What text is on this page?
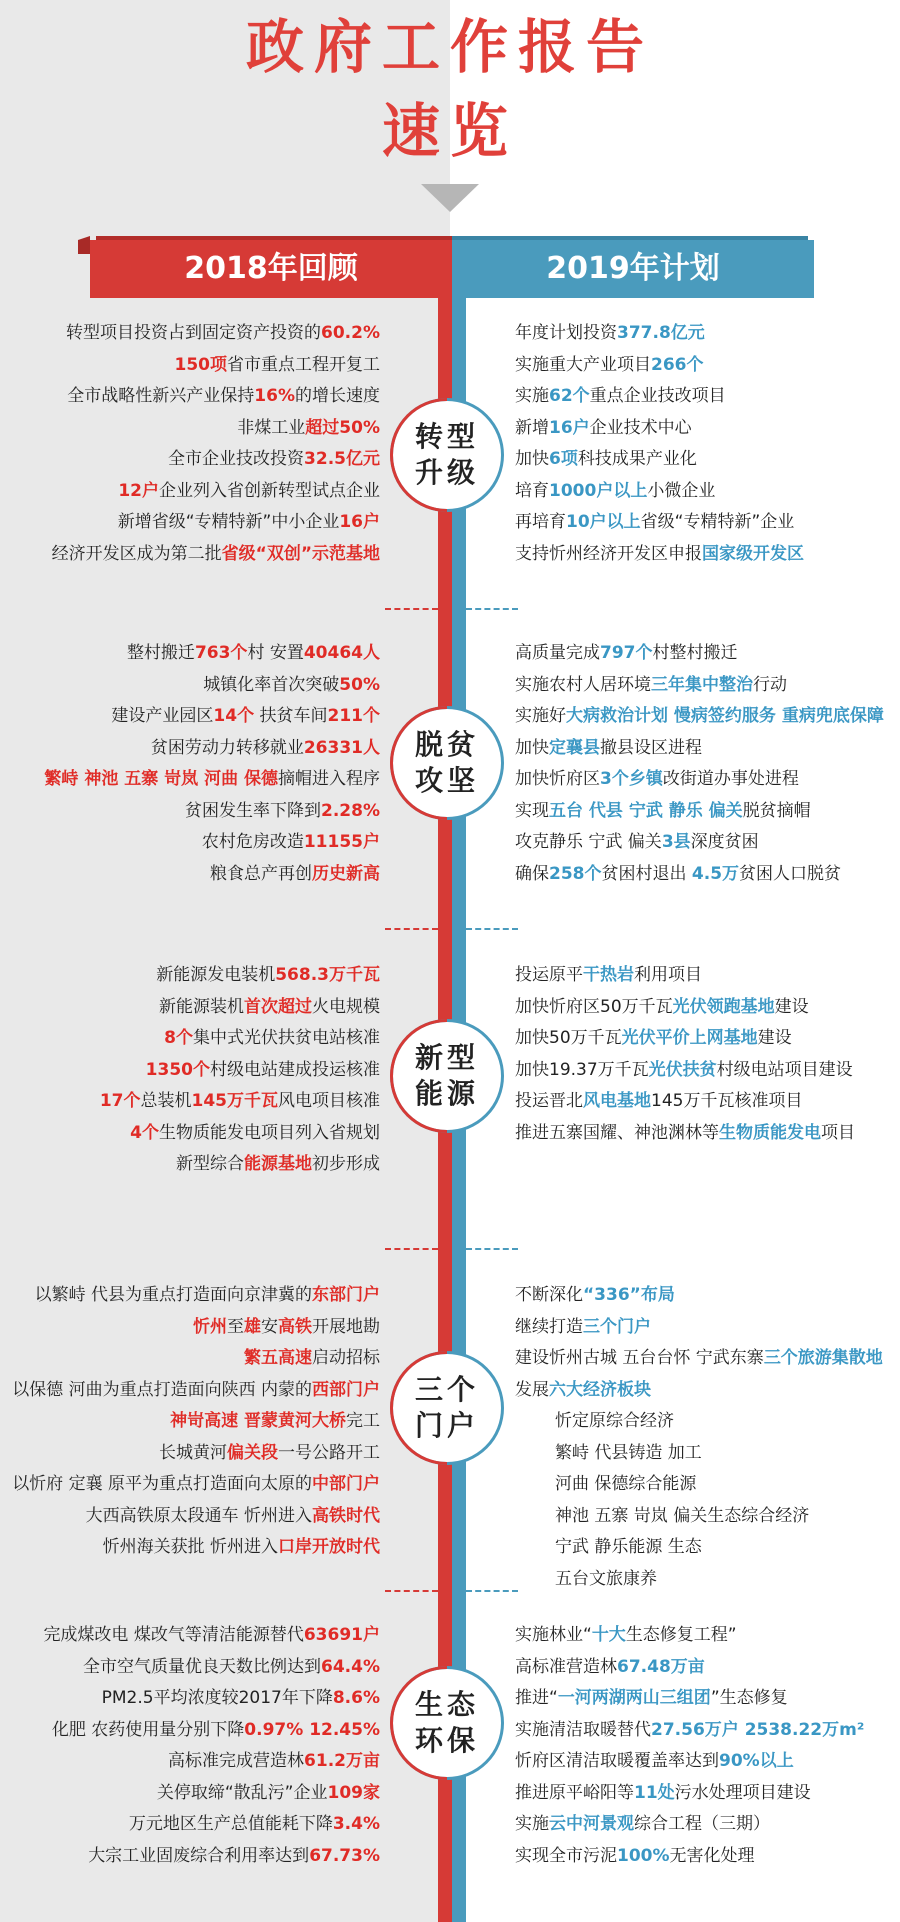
政府工作报告
速览
2018年回顾	2019年计划
转型项目投资占到固定资产投资的60.2%
150项省市重点工程开复工
全市战略性新兴产业保持16%的增长速度
非煤工业超过50%
全市企业技改投资32.5亿元
12户企业列入省创新转型试点企业
新增省级“专精特新”中小企业16户
经济开发区成为第二批省级“双创”示范基地
年度计划投资377.8亿元
实施重大产业项目266个
实施62个重点企业技改项目
新增16户企业技术中心
加快6项科技成果产业化
培育1000户以上小微企业
再培育10户以上省级“专精特新”企业
支持忻州经济开发区申报国家级开发区
转型
升级
整村搬迁763个村 安置40464人
城镇化率首次突破50%
建设产业园区14个 扶贫车间211个
贫困劳动力转移就业26331人
繁峙 神池 五寨 岢岚 河曲 保德摘帽进入程序
贫困发生率下降到2.28%
农村危房改造11155户
粮食总产再创历史新高
高质量完成797个村整村搬迁
实施农村人居环境三年集中整治行动
实施好大病救治计划 慢病签约服务 重病兜底保障
加快定襄县撤县设区进程
加快忻府区3个乡镇改街道办事处进程
实现五台 代县 宁武 静乐 偏关脱贫摘帽
攻克静乐 宁武 偏关3县深度贫困
确保258个贫困村退出 4.5万贫困人口脱贫
脱贫
攻坚
新能源发电装机568.3万千瓦
新能源装机首次超过火电规模
8个集中式光伏扶贫电站核准
1350个村级电站建成投运核准
17个总装机145万千瓦风电项目核准
4个生物质能发电项目列入省规划
新型综合能源基地初步形成
投运原平干热岩利用项目
加快忻府区50万千瓦光伏领跑基地建设
加快50万千瓦光伏平价上网基地建设
加快19.37万千瓦光伏扶贫村级电站项目建设
投运晋北风电基地145万千瓦核准项目
推进五寨国耀、神池渊林等生物质能发电项目
新型
能源
以繁峙 代县为重点打造面向京津冀的东部门户
忻州至雄安高铁开展地勘
繁五高速启动招标
以保德 河曲为重点打造面向陕西 内蒙的西部门户
神岢高速 晋蒙黄河大桥完工
长城黄河偏关段一号公路开工
以忻府 定襄 原平为重点打造面向太原的中部门户
大西高铁原太段通车 忻州进入高铁时代
忻州海关获批 忻州进入口岸开放时代
不断深化“336”布局
继续打造三个门户
建设忻州古城 五台台怀 宁武东寨三个旅游集散地
发展六大经济板块
忻定原综合经济
繁峙 代县铸造 加工
河曲 保德综合能源
神池 五寨 岢岚 偏关生态综合经济
宁武 静乐能源 生态
五台文旅康养
三个
门户
完成煤改电 煤改气等清洁能源替代63691户
全市空气质量优良天数比例达到64.4%
PM2.5平均浓度较2017年下降8.6%
化肥 农药使用量分别下降0.97% 12.45%
高标准完成营造林61.2万亩
关停取缔“散乱污”企业109家
万元地区生产总值能耗下降3.4%
大宗工业固废综合利用率达到67.73%
实施林业“十大生态修复工程”
高标准营造林67.48万亩
推进“一河两湖两山三组团”生态修复
实施清洁取暖替代27.56万户 2538.22万m²
忻府区清洁取暖覆盖率达到90%以上
推进原平峪阳等11处污水处理项目建设
实施云中河景观综合工程（三期）
实现全市污泥100%无害化处理
生态
环保
